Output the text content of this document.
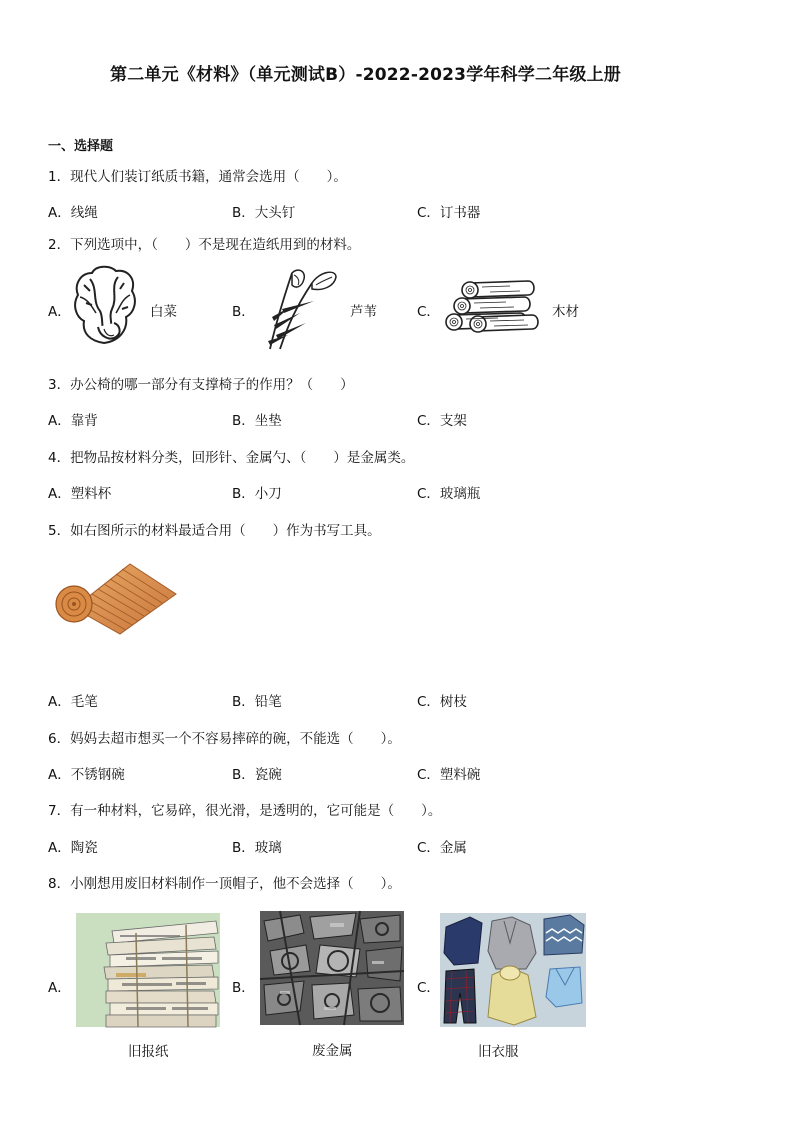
第二单元《材料》（单元测试B）-2022-2023学年科学二年级上册
一、选择题
1．现代人们装订纸质书籍，通常会选用（　　）。
A．线绳	B．大头钉	C．订书器
2．下列选项中，（　　）不是现在造纸用到的材料。
A．	白菜	B．	芦苇	C．	木材
3．办公椅的哪一部分有支撑椅子的作用？（　　）
A．靠背	B．坐垫	C．支架
4．把物品按材料分类，回形针、金属勺、（　　）是金属类。
A．塑料杯	B．小刀	C．玻璃瓶
5．如右图所示的材料最适合用（　　）作为书写工具。
A．毛笔	B．铅笔	C．树枝
6．妈妈去超市想买一个不容易摔碎的碗，不能选（　　）。
A．不锈钢碗	B．瓷碗	C．塑料碗
7．有一种材料，它易碎，很光滑，是透明的，它可能是（　　）。
A．陶瓷	B．玻璃	C．金属
8．小刚想用废旧材料制作一顶帽子，他不会选择（　　）。
A．
旧报纸
B．
废金属
C．
旧衣服
